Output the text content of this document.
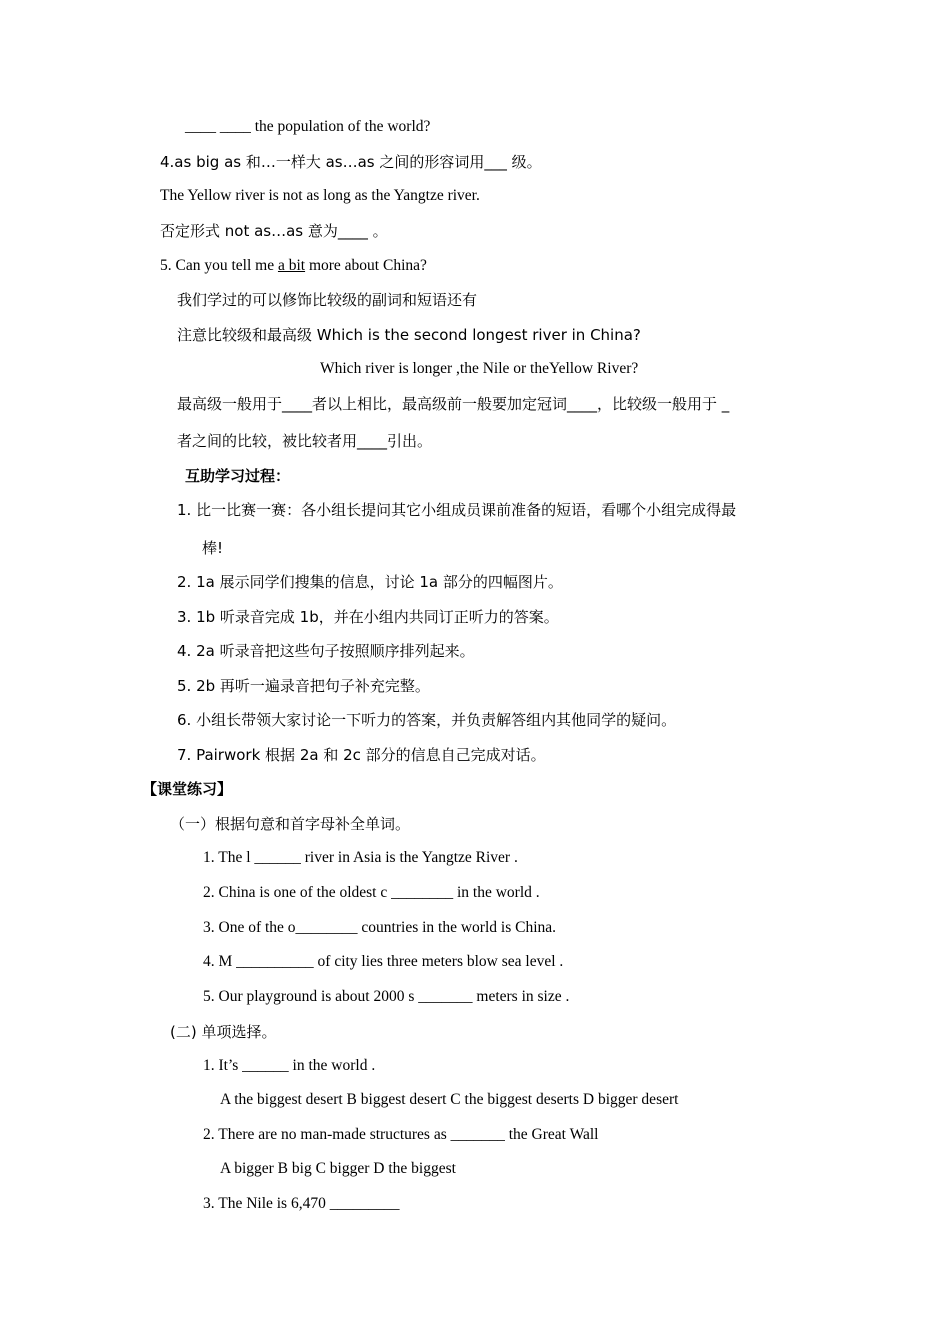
____ ____ the population of the world?
4.as big as 和…一样大 as…as 之间的形容词用___ 级。
The Yellow river is not as long as the Yangtze river.
否定形式 not as…as 意为____ 。
5. Can you tell me a bit more about China?
我们学过的可以修饰比较级的副词和短语还有
注意比较级和最高级 Which is the second longest river in China?
Which river is longer ,the Nile or theYellow River?
最高级一般用于____者以上相比，最高级前一般要加定冠词____，比较级一般用于 _
者之间的比较，被比较者用____引出。
互助学习过程：
1. 比一比赛一赛：各小组长提问其它小组成员课前准备的短语，看哪个小组完成得最
棒!
2. 1a 展示同学们搜集的信息，讨论 1a 部分的四幅图片。
3. 1b 听录音完成 1b，并在小组内共同订正听力的答案。
4. 2a 听录音把这些句子按照顺序排列起来。
5. 2b 再听一遍录音把句子补充完整。
6. 小组长带领大家讨论一下听力的答案，并负责解答组内其他同学的疑问。
7. Pairwork 根据 2a 和 2c 部分的信息自己完成对话。
【课堂练习】
（一）根据句意和首字母补全单词。
1. The l ______ river in Asia is the Yangtze River .
2. China is one of the oldest c ________ in the world .
3. One of the o________ countries in the world is China.
4. M __________ of city lies three meters blow sea level .
5. Our playground is about 2000 s _______ meters in size .
(二) 单项选择。
1. It’s ______ in the world .
A the biggest desert B biggest desert C the biggest deserts D bigger desert
2. There are no man-made structures as _______ the Great Wall
A bigger B big C bigger D the biggest
3. The Nile is 6,470 _________
